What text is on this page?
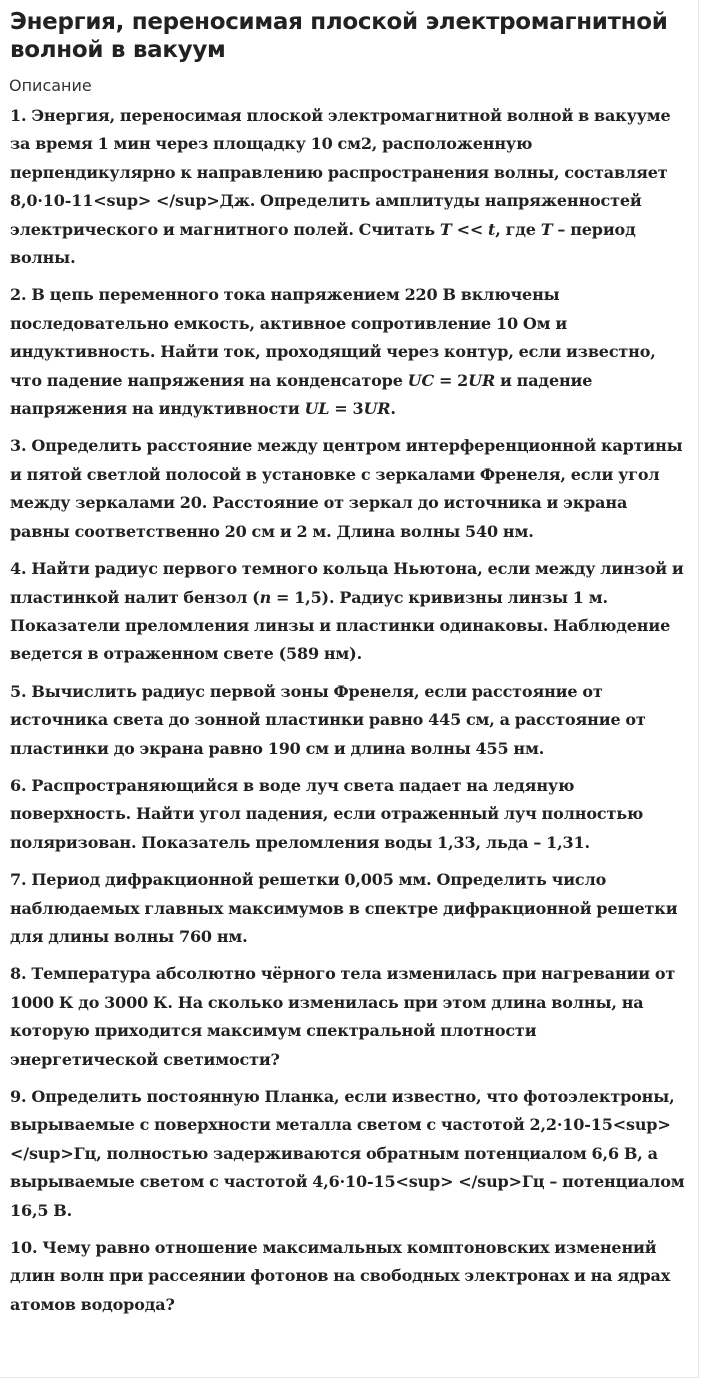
Энергия, переносимая плоской электромагнитной волной в вакуум
Описание

1. Энергия, переносимая плоской электромагнитной волной в вакууме за время 1 мин через площадку 10 см2, расположенную перпендикулярно к направлению распространения волны, составляет 8,0·10-11<sup> </sup>Дж. Определить амплитуды напряженностей электрического и магнитного полей. Считать T << t, где T – период волны.

2. В цепь переменного тока напряжением 220 В включены последовательно емкость, активное сопротивление 10 Ом и индуктивность. Найти ток, проходящий через контур, если известно, что падение напряжения на конденсаторе UC = 2UR и падение напряжения на индуктивности UL = 3UR.

3. Определить расстояние между центром интерференционной картины и пятой светлой полосой в установке с зеркалами Френеля, если угол между зеркалами 20. Расстояние от зеркал до источника и экрана равны соответственно 20 см и 2 м. Длина волны 540 нм.

4. Найти радиус первого темного кольца Ньютона, если между линзой и пластинкой налит бензол (n = 1,5). Радиус кривизны линзы 1 м. Показатели преломления линзы и пластинки одинаковы. Наблюдение ведется в отраженном свете (589 нм).

5. Вычислить радиус первой зоны Френеля, если расстояние от источника света до зонной пластинки равно 445 см, а расстояние от пластинки до экрана равно 190 см и длина волны 455 нм.

6. Распространяющийся в воде луч света падает на ледяную поверхность. Найти угол падения, если отраженный луч полностью поляризован. Показатель преломления воды 1,33, льда – 1,31.

7. Период дифракционной решетки 0,005 мм. Определить число наблюдаемых главных максимумов в спектре дифракционной решетки для длины волны 760 нм.

8. Температура абсолютно чёрного тела изменилась при нагревании от 1000 К до 3000 К. На сколько изменилась при этом длина волны, на которую приходится максимум спектральной плотности энергетической светимости?

9. Определить постоянную Планка, если известно, что фотоэлектроны, вырываемые с поверхности металла светом с частотой 2,2·10-15<sup> </sup>Гц, полностью задерживаются обратным потенциалом 6,6 В, а вырываемые светом с частотой 4,6·10-15<sup> </sup>Гц – потенциалом 16,5 В.

10. Чему равно отношение максимальных комптоновских изменений длин волн при рассеянии фотонов на свободных электронах и на ядрах атомов водорода?
